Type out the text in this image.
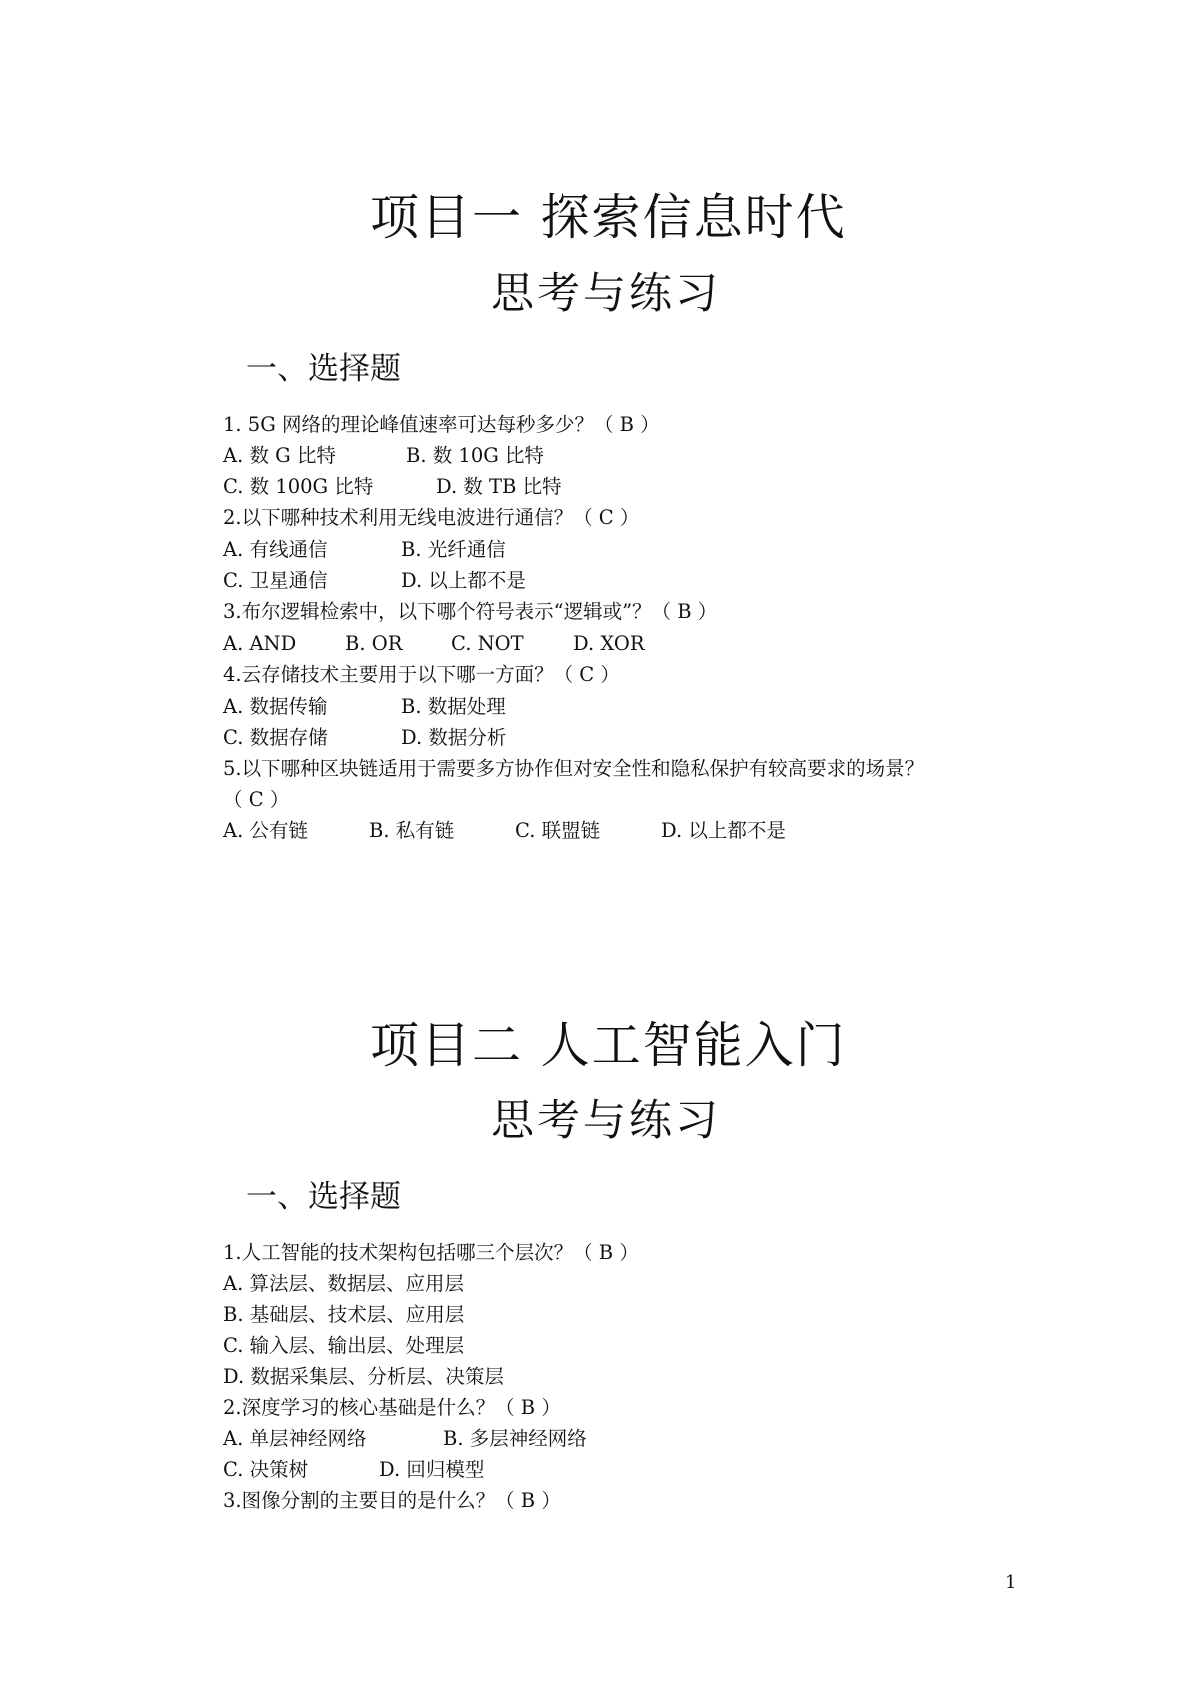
项目一 探索信息时代
思考与练习
一、选择题
1. 5G 网络的理论峰值速率可达每秒多少？（ B ）
A. 数 G 比特	B. 数 10G 比特
C. 数 100G 比特	D. 数 TB 比特
2.以下哪种技术利用无线电波进行通信？（ C ）
A. 有线通信	B. 光纤通信
C. 卫星通信	D. 以上都不是
3.布尔逻辑检索中，以下哪个符号表示“逻辑或”？（ B ）
A. AND B. OR C. NOT	D. XOR
4.云存储技术主要用于以下哪一方面？（ C ）
A. 数据传输	B. 数据处理
C. 数据存储	D. 数据分析
5.以下哪种区块链适用于需要多方协作但对安全性和隐私保护有较高要求的场景？
（ C ）
A. 公有链	B. 私有链	C. 联盟链	D. 以上都不是
项目二 人工智能入门
思考与练习
一、选择题
1.人工智能的技术架构包括哪三个层次？（ B ）
A. 算法层、数据层、应用层
B. 基础层、技术层、应用层
C. 输入层、输出层、处理层
D. 数据采集层、分析层、决策层
2.深度学习的核心基础是什么？（ B ）
A. 单层神经网络	B. 多层神经网络
C. 决策树	D. 回归模型
3.图像分割的主要目的是什么？（ B ）
1
